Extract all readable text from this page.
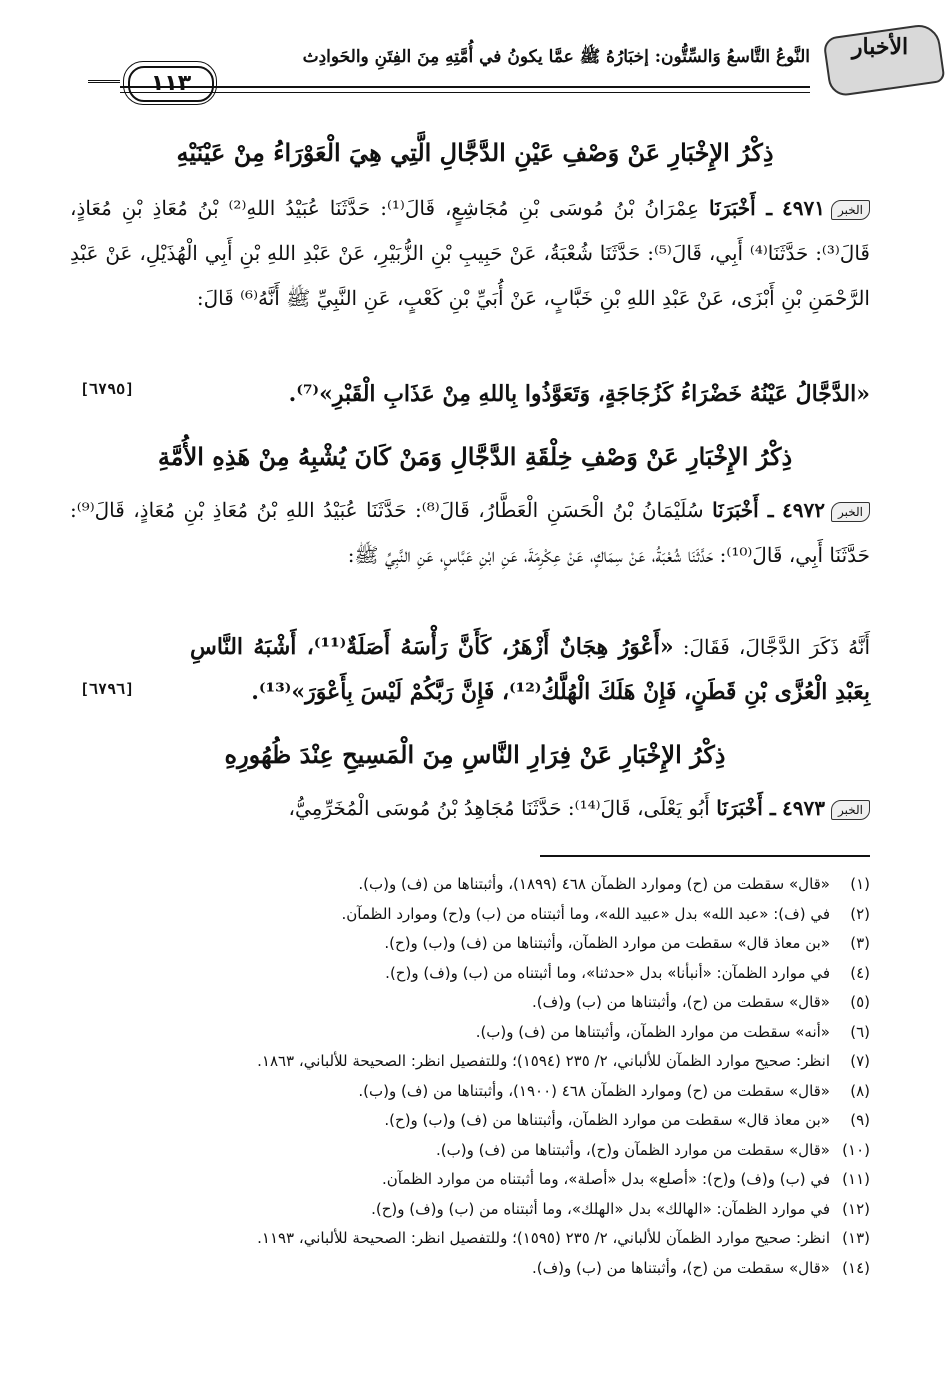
الأخبار
النَّوعُ التَّاسعُ وَالسِّتُّون: إخبَارُهُ ﷺ عمَّا يكونُ في أُمَّتِهِ مِنَ الفِتَنِ والحَوادِث
١١٣
ذِكْرُ الإِخْبَارِ عَنْ وَصْفِ عَيْنِ الدَّجَّالِ الَّتِي هِيَ الْعَوْرَاءُ مِنْ عَيْنَيْهِ
الخبر٤٩٧١ ـ أَخْبَرَنَا عِمْرَانُ بْنُ مُوسَى بْنِ مُجَاشِعٍ، قَالَ⁽¹⁾: حَدَّثَنَا عُبَيْدُ اللهِ⁽²⁾ بْنُ مُعَاذِ بْنِ مُعَاذٍ، قَالَ⁽³⁾: حَدَّثَنَا⁽⁴⁾ أَبِي، قَالَ⁽⁵⁾: حَدَّثَنَا شُعْبَةُ، عَنْ حَبِيبِ بْنِ الزُّبَيْرِ، عَنْ عَبْدِ اللهِ بْنِ أَبِي الْهُذَيْلِ، عَنْ عَبْدِ الرَّحْمَنِ بْنِ أَبْزَى، عَنْ عَبْدِ اللهِ بْنِ خَبَّابٍ، عَنْ أُبَيِّ بْنِ كَعْبٍ، عَنِ النَّبِيِّ ﷺ أَنَّهُ⁽⁶⁾ قَالَ:
«الدَّجَّالُ عَيْنُهُ خَضْرَاءُ كَزُجَاجَةٍ، وَتَعَوَّذُوا بِاللهِ مِنْ عَذَابِ الْقَبْرِ»⁽⁷⁾.
[٦٧٩٥]
ذِكْرُ الإِخْبَارِ عَنْ وَصْفِ خِلْقَةِ الدَّجَّالِ وَمَنْ كَانَ يُشْبِهُ مِنْ هَذِهِ الأُمَّةِ
الخبر٤٩٧٢ ـ أَخْبَرَنَا سُلَيْمَانُ بْنُ الْحَسَنِ الْعَطَّارُ، قَالَ⁽⁸⁾: حَدَّثَنَا عُبَيْدُ اللهِ بْنُ مُعَاذِ بْنِ مُعَاذٍ، قَالَ⁽⁹⁾: حَدَّثَنَا أَبِي، قَالَ⁽¹⁰⁾: حَدَّثَنَا شُعْبَةُ، عَنْ سِمَاكٍ، عَنْ عِكْرِمَةَ، عَنِ ابْنِ عَبَّاسٍ، عَنِ النَّبِيِّ ﷺ:
أَنَّهُ ذَكَرَ الدَّجَّالَ، فَقَالَ: «أَعْوَرُ هِجَانٌ أَزْهَرُ، كَأَنَّ رَأْسَهُ أَصَلَةٌ⁽¹¹⁾، أَشْبَهُ النَّاسِ بِعَبْدِ الْعُزَّى بْنِ قَطَنٍ، فَإِنْ هَلَكَ الْهُلَّكُ⁽¹²⁾، فَإِنَّ رَبَّكُمْ لَيْسَ بِأَعْوَرَ»⁽¹³⁾.
[٦٧٩٦]
ذِكْرُ الإِخْبَارِ عَنْ فِرَارِ النَّاسِ مِنَ الْمَسِيحِ عِنْدَ ظُهُورِهِ
الخبر٤٩٧٣ ـ أَخْبَرَنَا أَبُو يَعْلَى، قَالَ⁽¹⁴⁾: حَدَّثَنَا مُجَاهِدُ بْنُ مُوسَى الْمُخَرِّمِيُّ،
(١)«قال» سقطت من (ح) وموارد الظمآن ٤٦٨ (١٨٩٩)، وأثبتناها من (ف) و(ب).
(٢)في (ف): «عبد الله» بدل «عبيد الله»، وما أثبتناه من (ب) و(ح) وموارد الظمآن.
(٣)«بن معاذ قال» سقطت من موارد الظمآن، وأثبتناها من (ف) و(ب) و(ح).
(٤)في موارد الظمآن: «أنبأنا» بدل «حدثنا»، وما أثبتناه من (ب) و(ف) و(ح).
(٥)«قال» سقطت من (ح)، وأثبتناها من (ب) و(ف).
(٦)«أنه» سقطت من موارد الظمآن، وأثبتناها من (ف) و(ب).
(٧)انظر: صحيح موارد الظمآن للألباني، ٢/ ٢٣٥ (١٥٩٤)؛ وللتفصيل انظر: الصحيحة للألباني، ١٨٦٣.
(٨)«قال» سقطت من (ح) وموارد الظمآن ٤٦٨ (١٩٠٠)، وأثبتناها من (ف) و(ب).
(٩)«بن معاذ قال» سقطت من موارد الظمآن، وأثبتناها من (ف) و(ب) و(ح).
(١٠)«قال» سقطت من موارد الظمآن و(ح)، وأثبتناها من (ف) و(ب).
(١١)في (ب) و(ف) و(ح): «أصلع» بدل «أصلة»، وما أثبتناه من موارد الظمآن.
(١٢)في موارد الظمآن: «الهالك» بدل «الهلك»، وما أثبتناه من (ب) و(ف) و(ح).
(١٣)انظر: صحيح موارد الظمآن للألباني، ٢/ ٢٣٥ (١٥٩٥)؛ وللتفصيل انظر: الصحيحة للألباني، ١١٩٣.
(١٤)«قال» سقطت من (ح)، وأثبتناها من (ب) و(ف).
